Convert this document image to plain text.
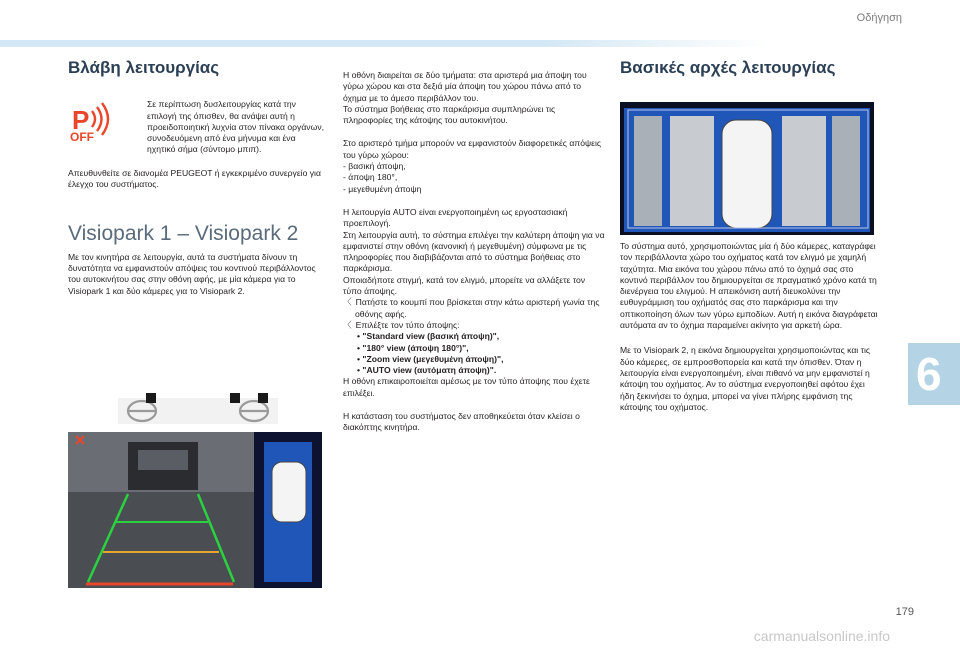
Οδήγηση
Βλάβη λειτουργίας
P
OFF
Σε περίπτωση δυσλειτουργίας κατά την επιλογή της όπισθεν, θα ανάψει αυτή η προειδοποιητική λυχνία στον πίνακα οργάνων, συνοδευόμενη από ένα μήνυμα και ένα ηχητικό σήμα (σύντομο μπιπ).

Απευθυνθείτε σε διανομέα PEUGEOT ή εγκεκριμένο συνεργείο για έλεγχο του συστήματος.

Visiopark 1 – Visiopark 2

Με τον κινητήρα σε λειτουργία, αυτά τα συστήματα δίνουν τη δυνατότητα να εμφανιστούν απόψεις του κοντινού περιβάλλοντος του αυτοκινήτου σας στην οθόνη αφής, με μία κάμερα για το Visiopark 1 και δύο κάμερες για το Visiopark 2.

Η οθόνη διαιρείται σε δύο τμήματα: στα αριστερά μια άποψη του γύρω χώρου και στα δεξιά μία άποψη του χώρου πάνω από το όχημα με το άμεσο περιβάλλον του.

Το σύστημα βοήθειας στο παρκάρισμα συμπληρώνει τις πληροφορίες της κάτοψης του αυτοκινήτου.

Στο αριστερό τμήμα μπορούν να εμφανιστούν διαφορετικές απόψεις του γύρω χώρου:

- βασική άποψη,
- άποψη 180°,
- μεγεθυμένη άποψη
Η λειτουργία AUTO είναι ενεργοποιημένη ως εργοστασιακή προεπιλογή.
Στη λειτουργία αυτή, το σύστημα επιλέγει την καλύτερη άποψη για να εμφανιστεί στην οθόνη (κανονική ή μεγεθυμένη) σύμφωνα με τις πληροφορίες που διαβιβάζονται από το σύστημα βοήθειας στο παρκάρισμα.
Οποιαδήποτε στιγμή, κατά τον ελιγμό, μπορείτε να αλλάξετε τον τύπο άποψης.
〈 Πατήστε το κουμπί που βρίσκεται στην κάτω αριστερή γωνία της οθόνης αφής.
〈 Επιλέξτε τον τύπο άποψης:
• "Standard view (βασική άποψη)",
• "180° view (άποψη 180°)",
• "Zoom view (μεγεθυμένη άποψη)",
• "AUTO view (αυτόματη άποψη)".
Η οθόνη επικαιροποιείται αμέσως με τον τύπο άποψης που έχετε επιλέξει.

Η κατάσταση του συστήματος δεν αποθηκεύεται όταν κλείσει ο διακόπτης κινητήρα.

Βασικές αρχές λειτουργίας

Το σύστημα αυτό, χρησιμοποιώντας μία ή δύο κάμερες, καταγράφει τον περιβάλλοντα χώρο του οχήματος κατά τον ελιγμό με χαμηλή ταχύτητα. Μια εικόνα του χώρου πάνω από το όχημά σας στο κοντινό περιβάλλον του δημιουργείται σε πραγματικό χρόνο κατά τη διενέργεια του ελιγμού. Η απεικόνιση αυτή διευκολύνει την ευθυγράμμιση του οχήματός σας στο παρκάρισμα και την οπτικοποίηση όλων των γύρω εμποδίων. Αυτή η εικόνα διαγράφεται αυτόματα αν το όχημα παραμείνει ακίνητο για αρκετή ώρα.

Με το Visiopark 2, η εικόνα δημιουργείται χρησιμοποιώντας και τις δύο κάμερες, σε εμπροσθοπορεία και κατά την όπισθεν. Όταν η λειτουργία είναι ενεργοποιημένη, είναι πιθανό να μην εμφανιστεί η κάτοψη του οχήματος. Αν το σύστημα ενεργοποιηθεί αφότου έχει ήδη ξεκινήσει το όχημα, μπορεί να γίνει πλήρης εμφάνιση της κάτοψης του οχήματος.

6
179
carmanualsonline.info
